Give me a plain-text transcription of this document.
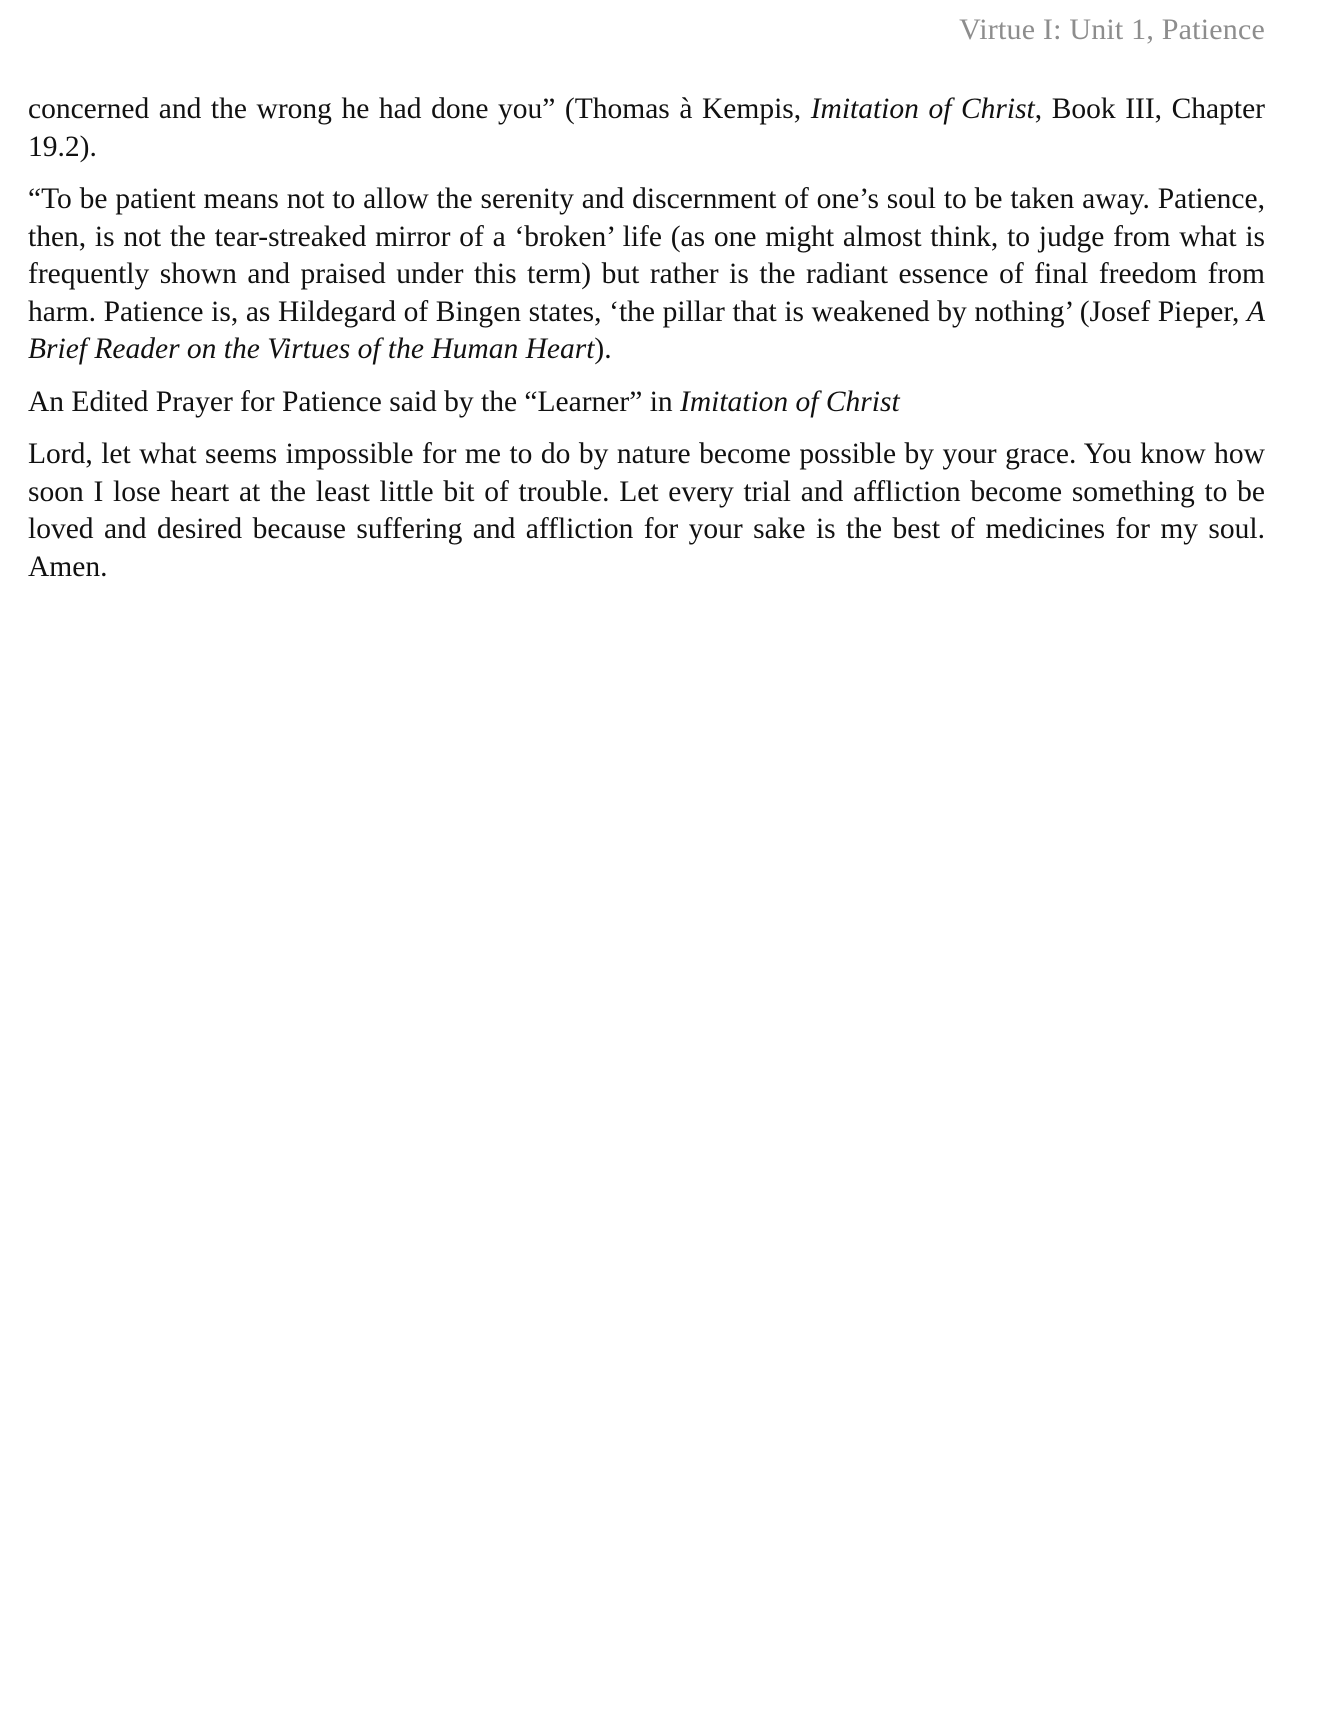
Virtue I: Unit 1, Patience

concerned and the wrong he had done you” (Thomas à Kempis, Imitation of Christ, Book III, Chapter 19.2).

“To be patient means not to allow the serenity and discernment of one’s soul to be taken away. Patience, then, is not the tear-streaked mirror of a ‘broken’ life (as one might almost think, to judge from what is frequently shown and praised under this term) but rather is the radiant essence of final freedom from harm. Patience is, as Hildegard of Bingen states, ‘the pillar that is weakened by nothing’ (Josef Pieper, A Brief Reader on the Virtues of the Human Heart).

An Edited Prayer for Patience said by the “Learner” in Imitation of Christ

Lord, let what seems impossible for me to do by nature become possible by your grace. You know how soon I lose heart at the least little bit of trouble. Let every trial and affliction become something to be loved and desired because suffering and affliction for your sake is the best of medicines for my soul. Amen.
